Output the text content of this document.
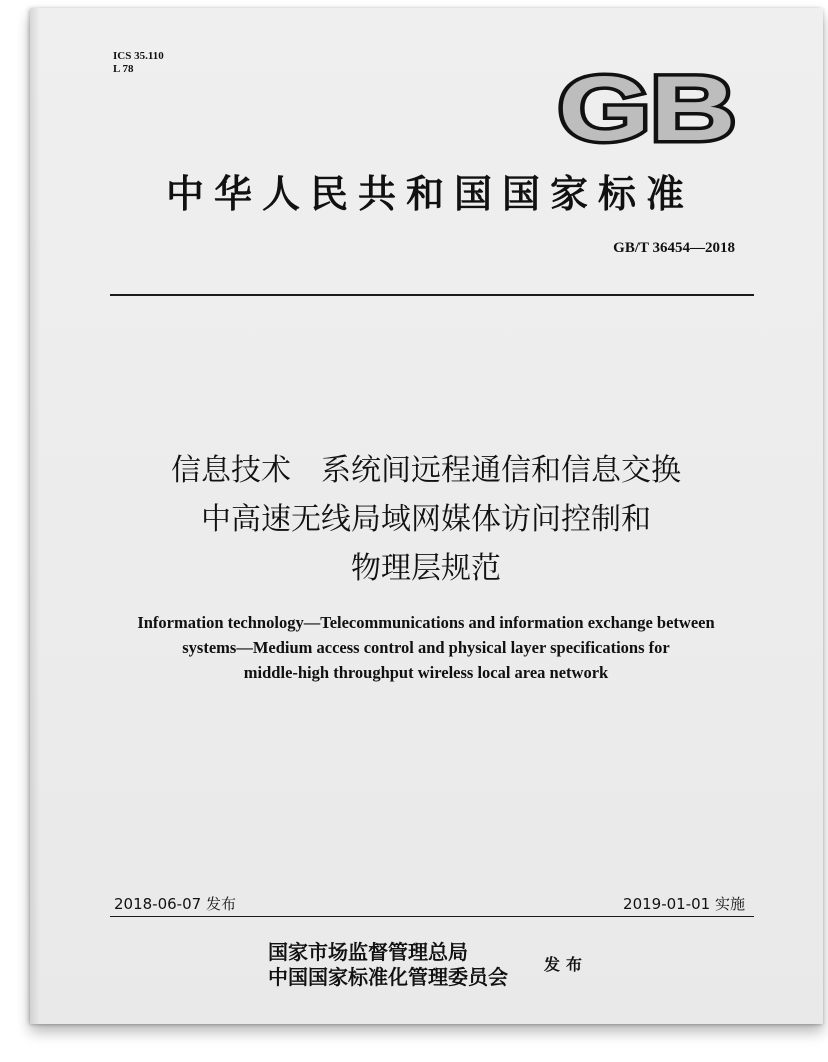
ICS 35.110
L 78	GB
中华人民共和国国家标准
GB/T 36454—2018
信息技术　系统间远程通信和信息交换
中高速无线局域网媒体访问控制和
物理层规范
Information technology—Telecommunications and information exchange between
systems—Medium access control and physical layer specifications for
middle-high throughput wireless local area network
2018-06-07 发布	2019-01-01 实施
国家市场监督管理总局
中国国家标准化管理委员会
发布
